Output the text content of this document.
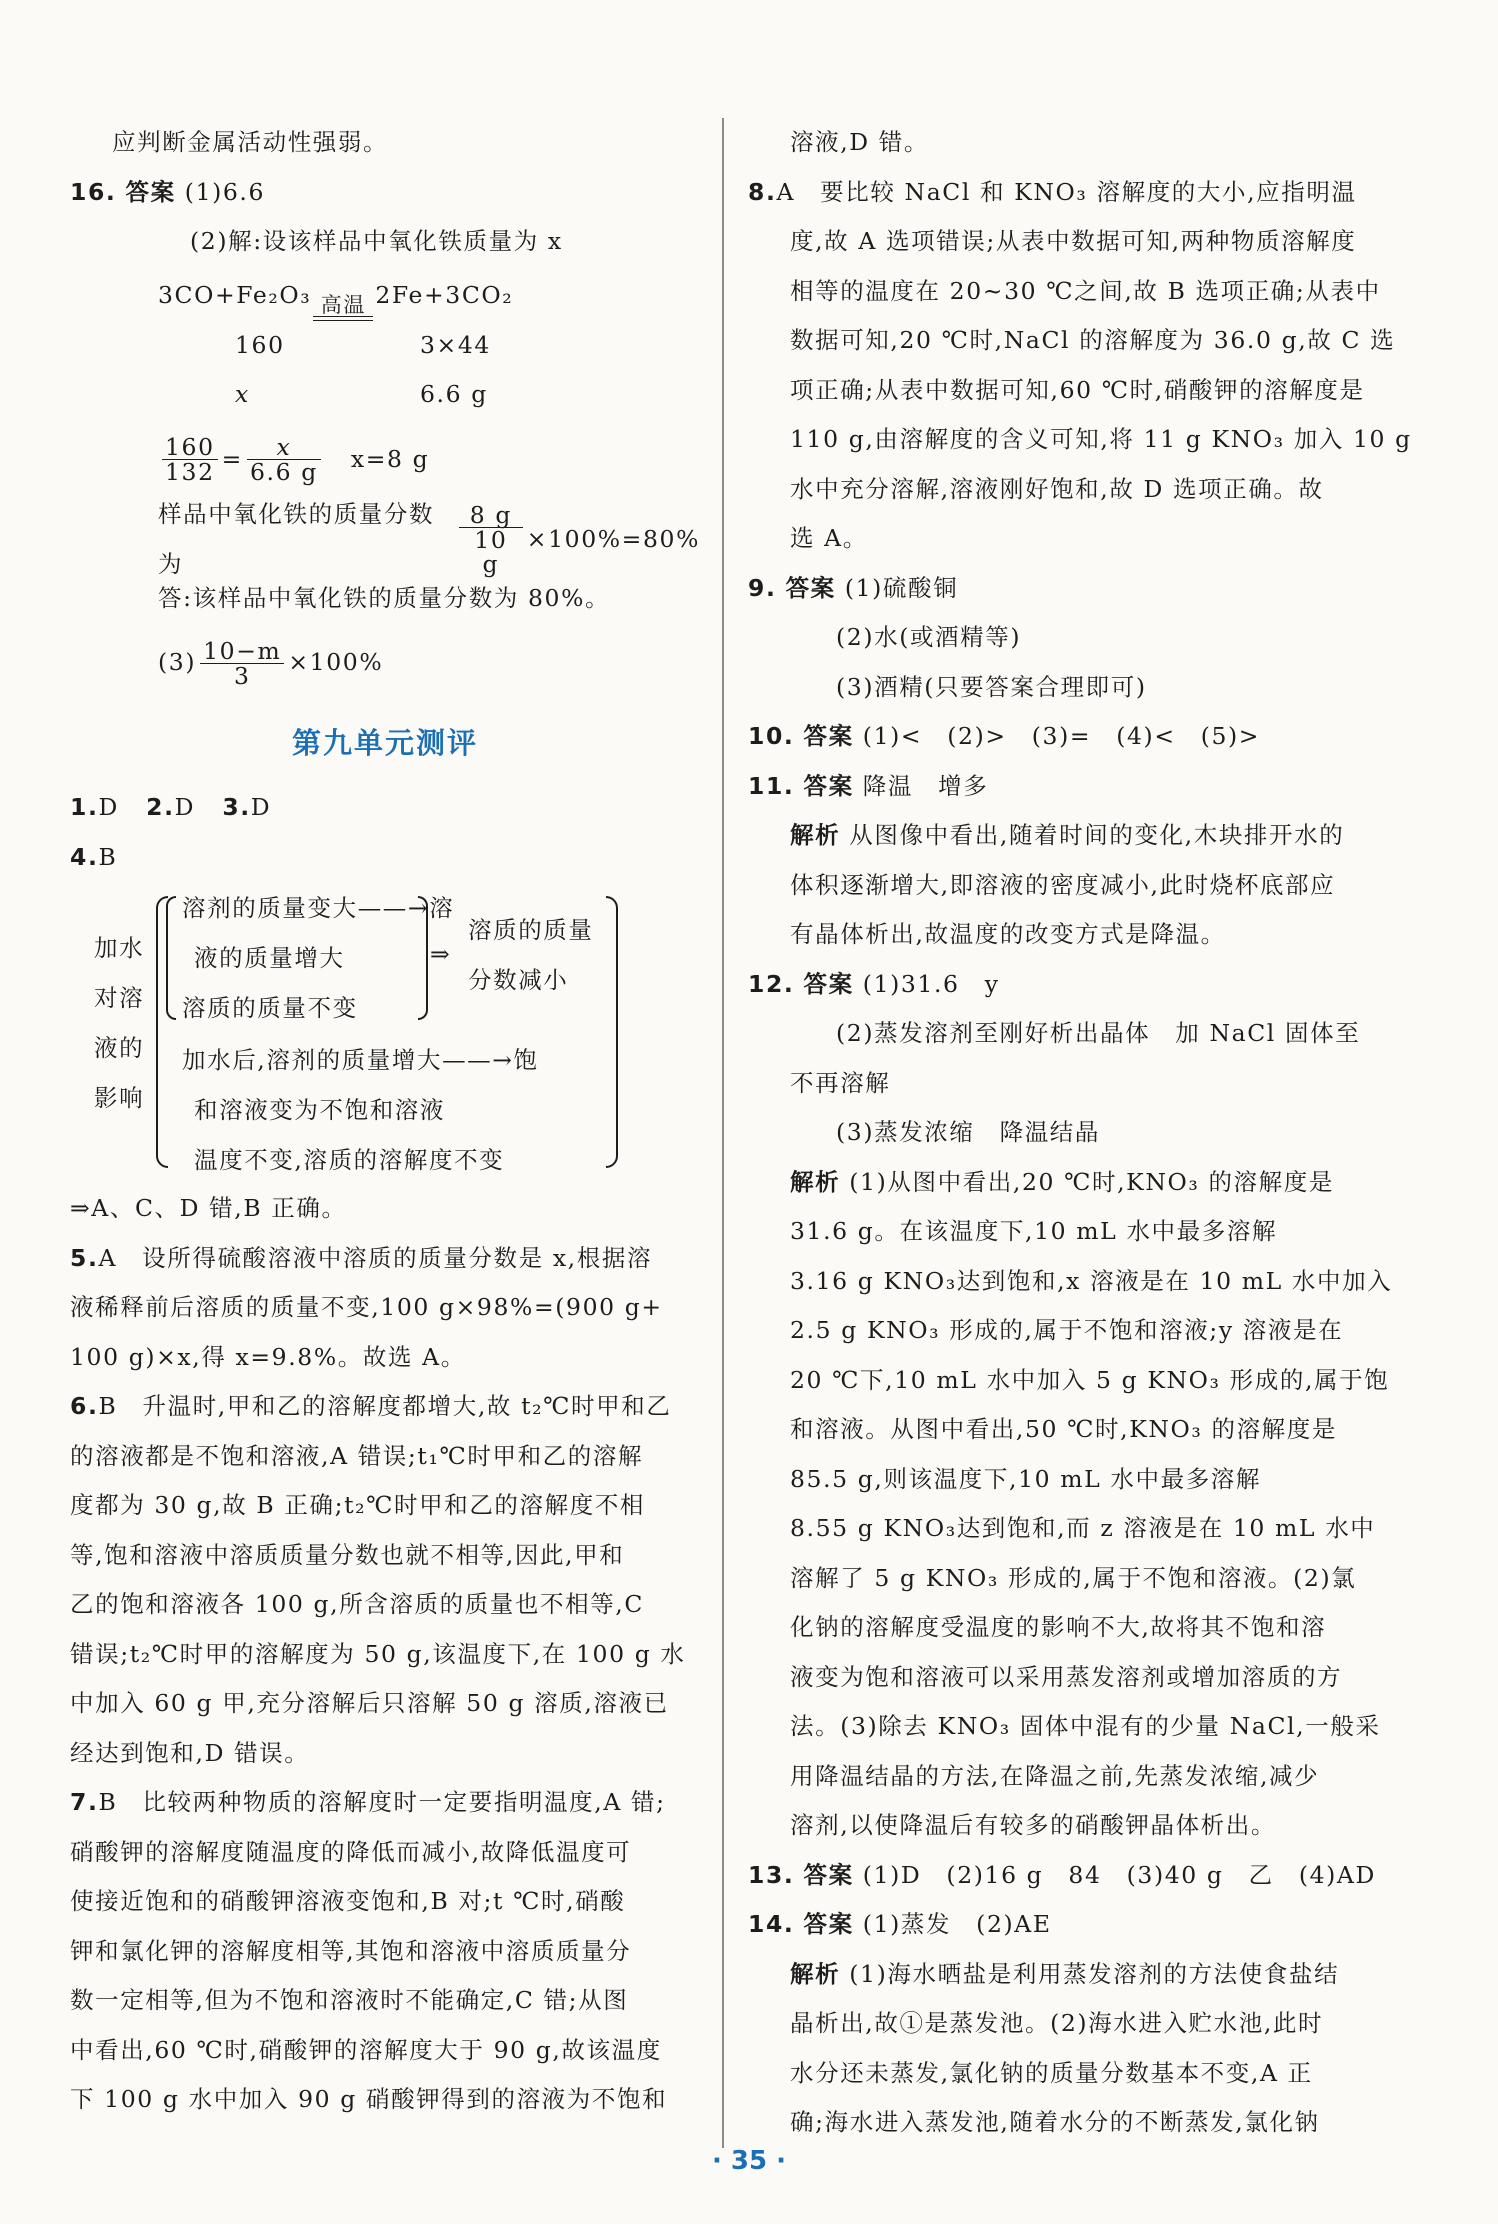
应判断金属活动性强弱。
16. 答案 (1)6.6
(2)解:设该样品中氧化铁质量为 x
3CO+Fe₂O₃ 高温 2Fe+3CO₂
160	3×44
x	6.6 g
$\frac{160}{132} = \frac{x}{6.6 g} x=8$ g
样品中氧化铁的质量分数为	$\frac{8 g}{10 g} \times 100\%=80\%$
答:该样品中氧化铁的质量分数为 80%。
$(3) \frac{10-m}{3} \times 100\%$
第九单元测评
1.D 2.D 3.D
4.B
加水
对溶
液的
影响
溶剂的质量变大——→溶
液的质量增大
溶质的质量不变
⇒
溶质的质量
分数减小
加水后,溶剂的质量增大——→饱
和溶液变为不饱和溶液
温度不变,溶质的溶解度不变
⇒A、C、D 错,B 正确。
5.A　设所得硫酸溶液中溶质的质量分数是 x,根据溶
液稀释前后溶质的质量不变,100 g×98%=(900 g+
100 g)×x,得 x=9.8%。故选 A。
6.B　升温时,甲和乙的溶解度都增大,故 t₂℃时甲和乙
的溶液都是不饱和溶液,A 错误;t₁℃时甲和乙的溶解
度都为 30 g,故 B 正确;t₂℃时甲和乙的溶解度不相
等,饱和溶液中溶质质量分数也就不相等,因此,甲和
乙的饱和溶液各 100 g,所含溶质的质量也不相等,C
错误;t₂℃时甲的溶解度为 50 g,该温度下,在 100 g 水
中加入 60 g 甲,充分溶解后只溶解 50 g 溶质,溶液已
经达到饱和,D 错误。
7.B　比较两种物质的溶解度时一定要指明温度,A 错;
硝酸钾的溶解度随温度的降低而减小,故降低温度可
使接近饱和的硝酸钾溶液变饱和,B 对;t ℃时,硝酸
钾和氯化钾的溶解度相等,其饱和溶液中溶质质量分
数一定相等,但为不饱和溶液时不能确定,C 错;从图
中看出,60 ℃时,硝酸钾的溶解度大于 90 g,故该温度
下 100 g 水中加入 90 g 硝酸钾得到的溶液为不饱和
溶液,D 错。
8.A　要比较 NaCl 和 KNO₃ 溶解度的大小,应指明温
度,故 A 选项错误;从表中数据可知,两种物质溶解度
相等的温度在 20~30 ℃之间,故 B 选项正确;从表中
数据可知,20 ℃时,NaCl 的溶解度为 36.0 g,故 C 选
项正确;从表中数据可知,60 ℃时,硝酸钾的溶解度是
110 g,由溶解度的含义可知,将 11 g KNO₃ 加入 10 g
水中充分溶解,溶液刚好饱和,故 D 选项正确。故
选 A。
9. 答案 (1)硫酸铜
(2)水(或酒精等)
(3)酒精(只要答案合理即可)
10. 答案 (1)<　(2)>　(3)=　(4)<　(5)>
11. 答案 降温　增多
解析 从图像中看出,随着时间的变化,木块排开水的
体积逐渐增大,即溶液的密度减小,此时烧杯底部应
有晶体析出,故温度的改变方式是降温。
12. 答案 (1)31.6　y
(2)蒸发溶剂至刚好析出晶体　加 NaCl 固体至
不再溶解
(3)蒸发浓缩　降温结晶
解析 (1)从图中看出,20 ℃时,KNO₃ 的溶解度是
31.6 g。在该温度下,10 mL 水中最多溶解
3.16 g KNO₃达到饱和,x 溶液是在 10 mL 水中加入
2.5 g KNO₃ 形成的,属于不饱和溶液;y 溶液是在
20 ℃下,10 mL 水中加入 5 g KNO₃ 形成的,属于饱
和溶液。从图中看出,50 ℃时,KNO₃ 的溶解度是
85.5 g,则该温度下,10 mL 水中最多溶解
8.55 g KNO₃达到饱和,而 z 溶液是在 10 mL 水中
溶解了 5 g KNO₃ 形成的,属于不饱和溶液。(2)氯
化钠的溶解度受温度的影响不大,故将其不饱和溶
液变为饱和溶液可以采用蒸发溶剂或增加溶质的方
法。(3)除去 KNO₃ 固体中混有的少量 NaCl,一般采
用降温结晶的方法,在降温之前,先蒸发浓缩,减少
溶剂,以使降温后有较多的硝酸钾晶体析出。
13. 答案 (1)D　(2)16 g　84　(3)40 g　乙　(4)AD
14. 答案 (1)蒸发　(2)AE
解析 (1)海水晒盐是利用蒸发溶剂的方法使食盐结
晶析出,故①是蒸发池。(2)海水进入贮水池,此时
水分还未蒸发,氯化钠的质量分数基本不变,A 正
确;海水进入蒸发池,随着水分的不断蒸发,氯化钠
· 35 ·
